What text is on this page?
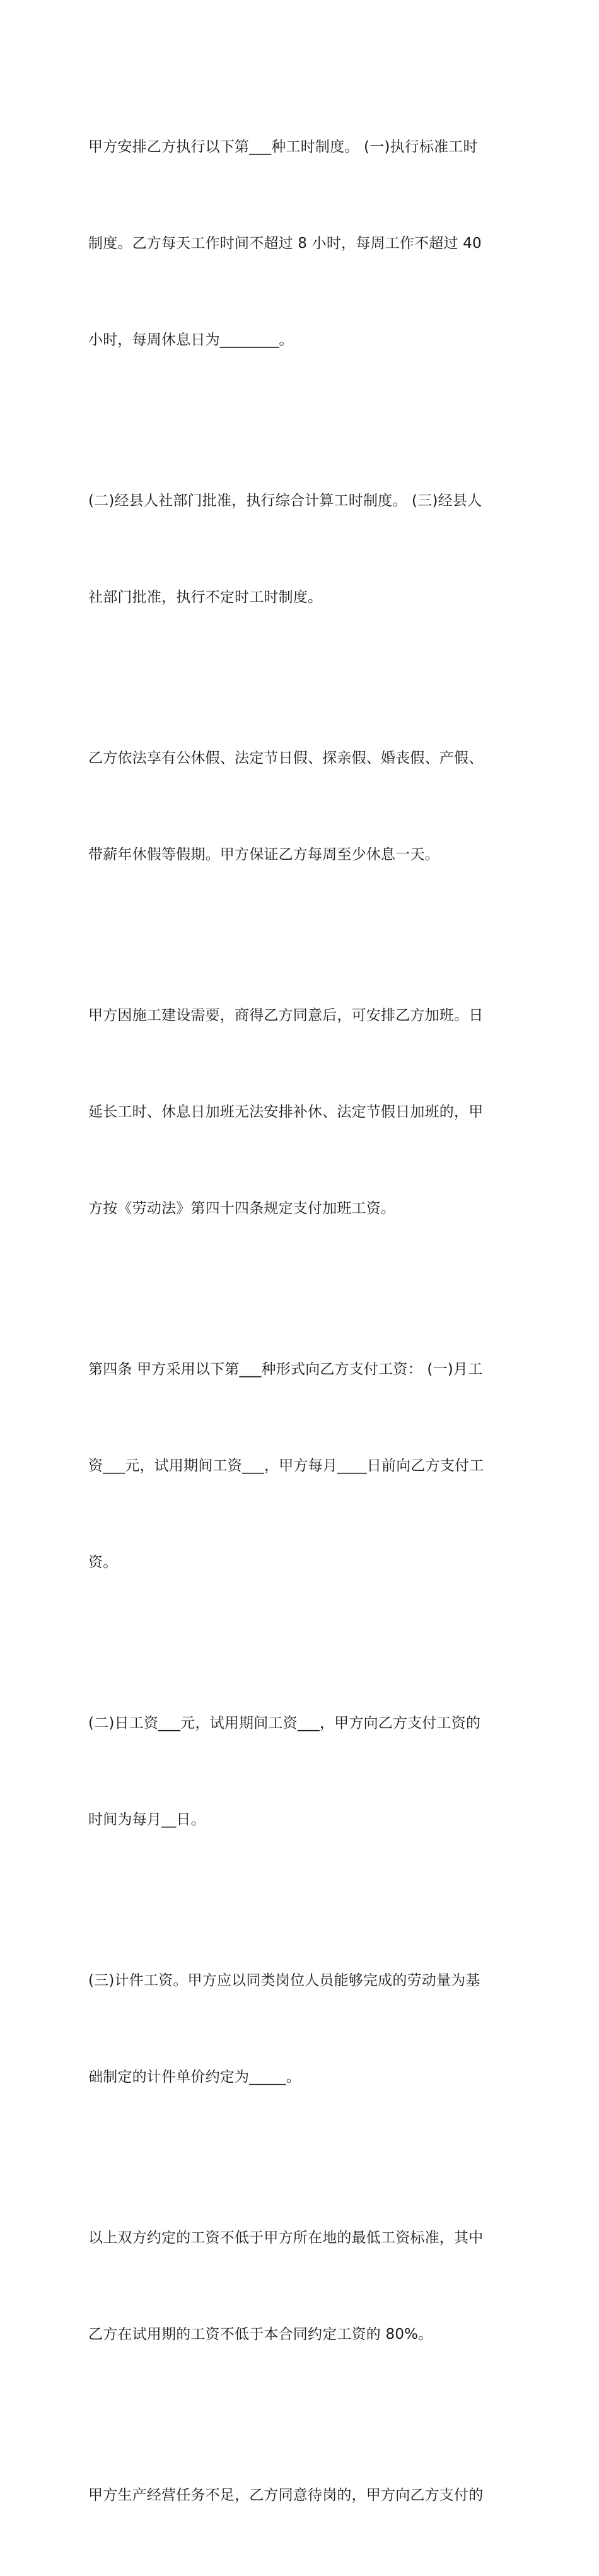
甲方安排乙方执行以下第___种工时制度。 (一)执行标准工时

制度。乙方每天工作时间不超过 8 小时，每周工作不超过 40

小时，每周休息日为________。

(二)经县人社部门批准，执行综合计算工时制度。 (三)经县人

社部门批准，执行不定时工时制度。

乙方依法享有公休假、法定节日假、探亲假、婚丧假、产假、

带薪年休假等假期。甲方保证乙方每周至少休息一天。

甲方因施工建设需要，商得乙方同意后，可安排乙方加班。日

延长工时、休息日加班无法安排补休、法定节假日加班的，甲

方按《劳动法》第四十四条规定支付加班工资。

第四条 甲方采用以下第___种形式向乙方支付工资： (一)月工

资___元，试用期间工资___，甲方每月____日前向乙方支付工

资。

(二)日工资___元，试用期间工资___，甲方向乙方支付工资的

时间为每月__日。

(三)计件工资。甲方应以同类岗位人员能够完成的劳动量为基

础制定的计件单价约定为_____。

以上双方约定的工资不低于甲方所在地的最低工资标准，其中

乙方在试用期的工资不低于本合同约定工资的 80%。

甲方生产经营任务不足，乙方同意待岗的，甲方向乙方支付的
